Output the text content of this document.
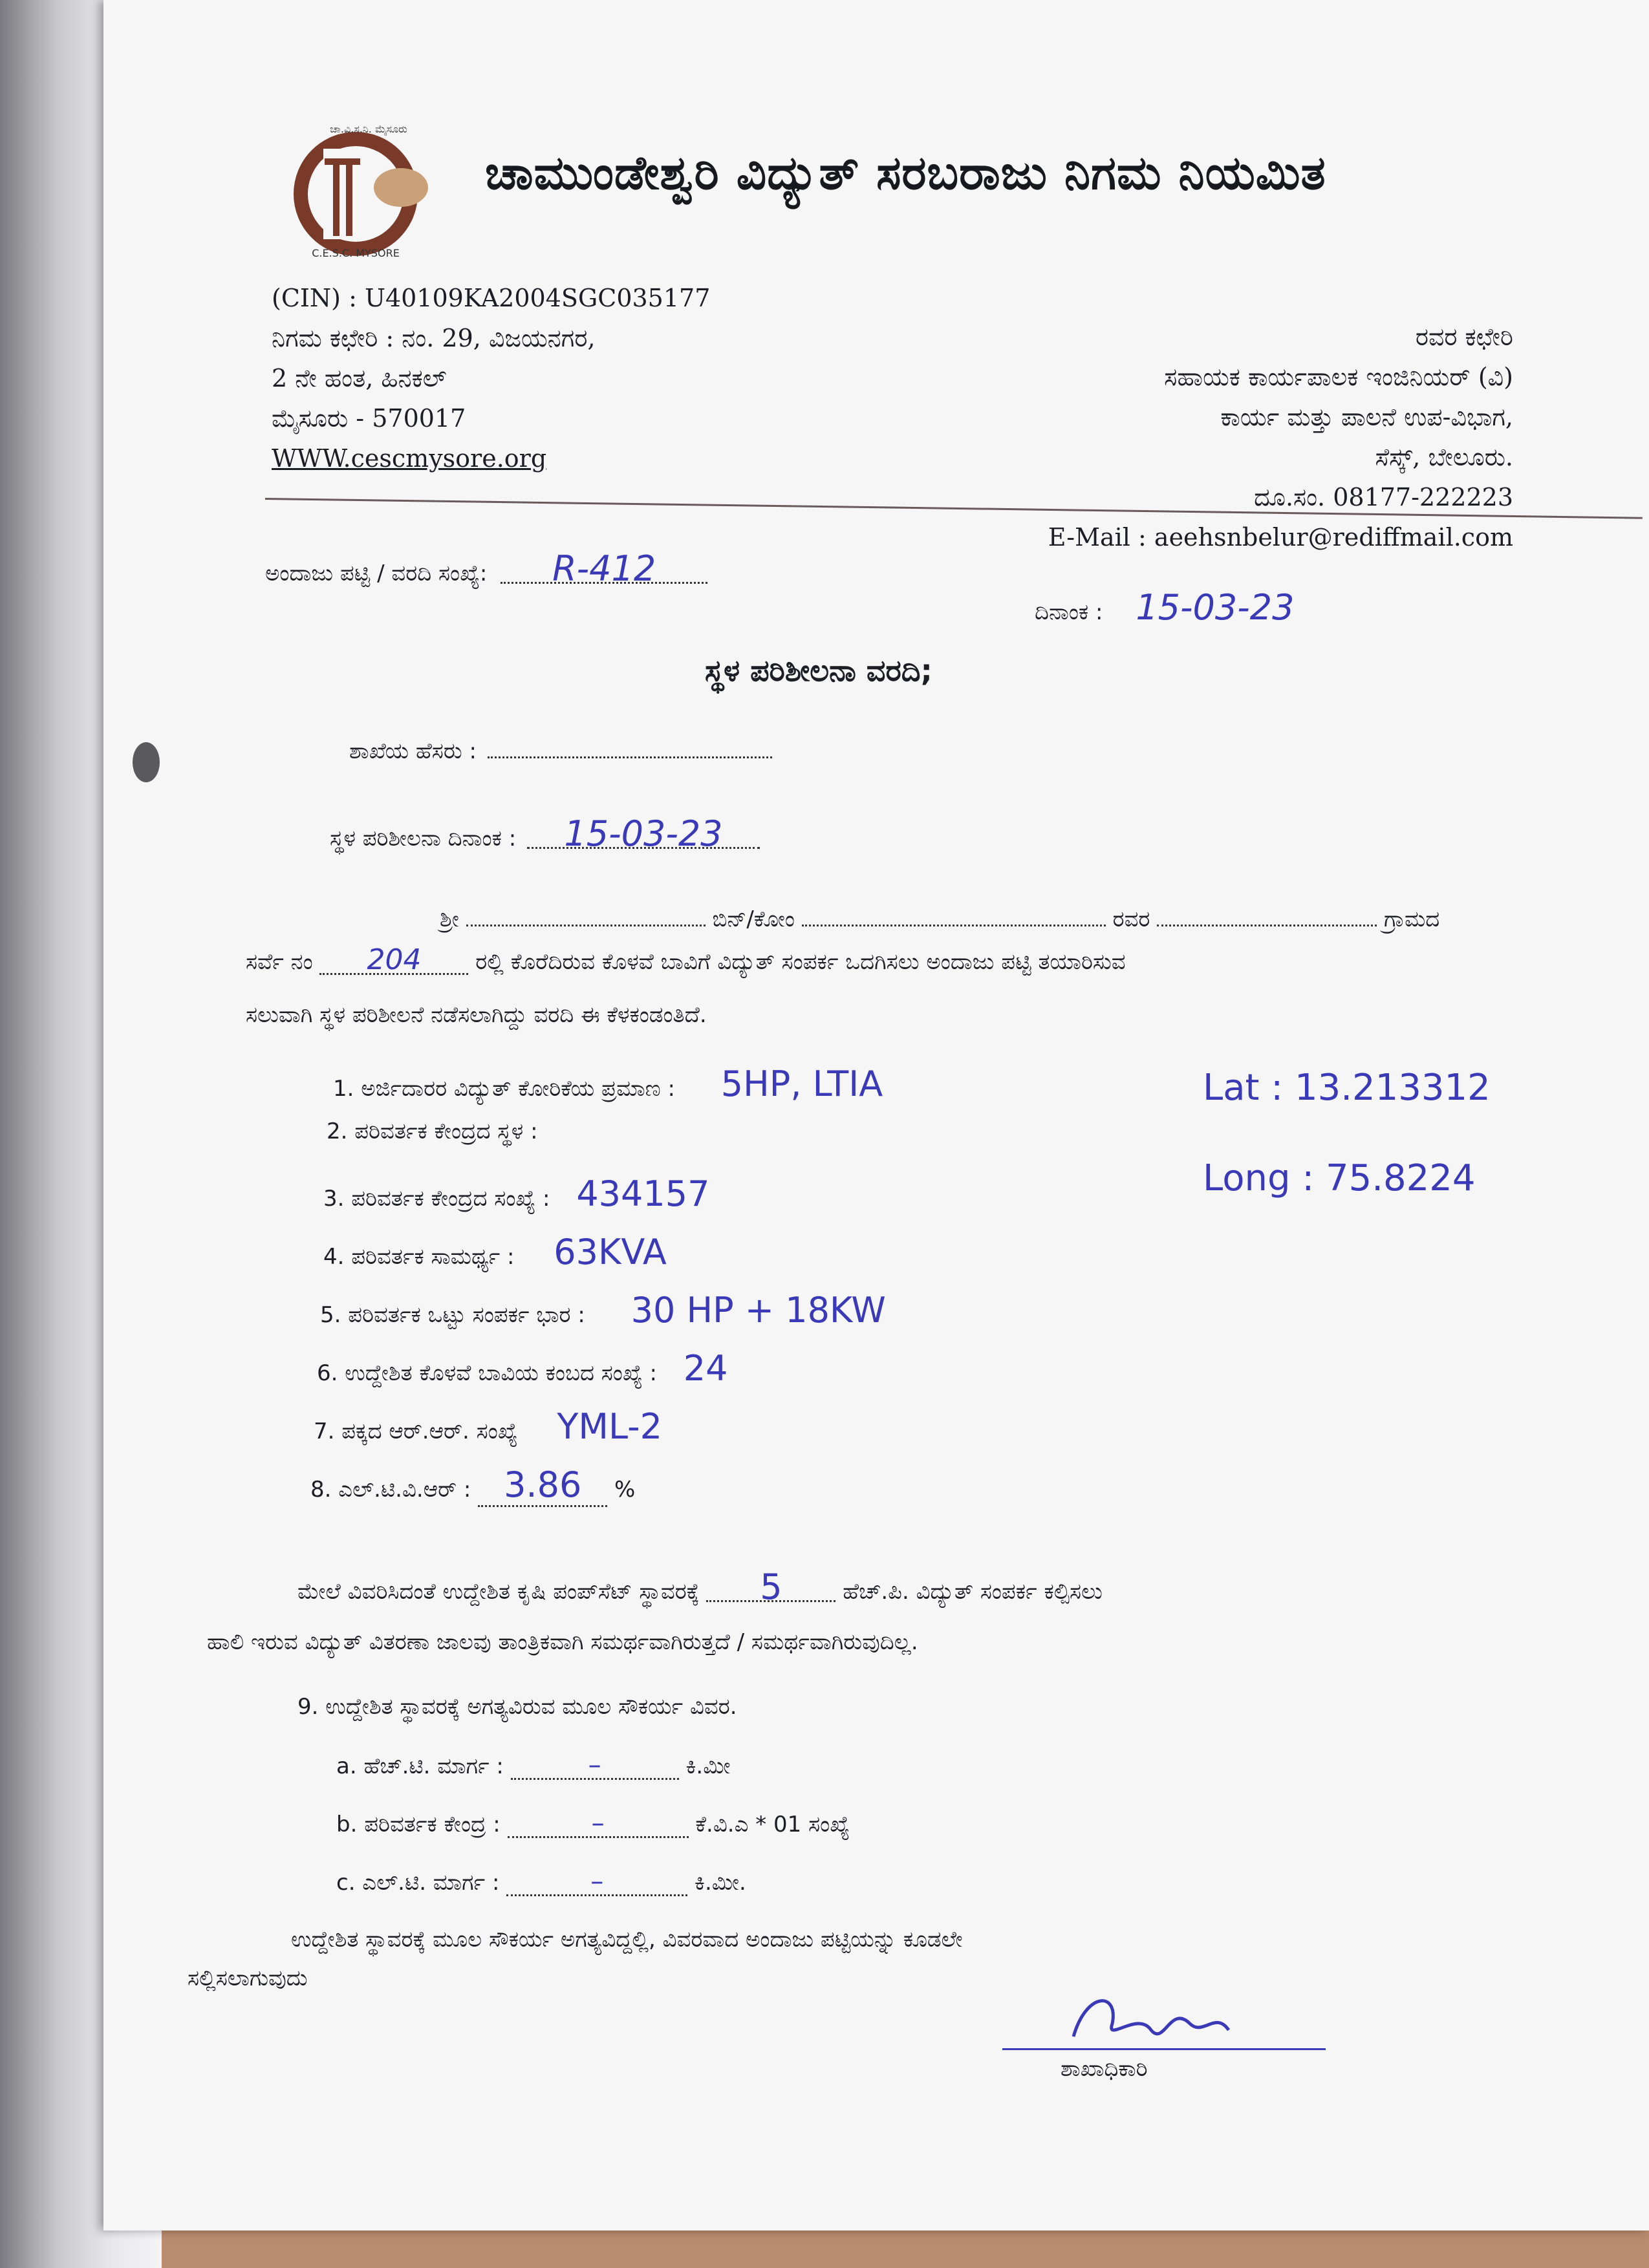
ಚಾ.ವಿ.ಸ.ನಿ. ಮೈಸೂರು
C.E.S.C. MYSORE
ಚಾಮುಂಡೇಶ್ವರಿ ವಿದ್ಯುತ್ ಸರಬರಾಜು ನಿಗಮ ನಿಯಮಿತ
(CIN) : U40109KA2004SGC035177
ನಿಗಮ ಕಛೇರಿ : ನಂ. 29, ವಿಜಯನಗರ,
2 ನೇ ಹಂತ, ಹಿನಕಲ್
ಮೈಸೂರು - 570017
WWW.cescmysore.org
ರವರ ಕಛೇರಿ
ಸಹಾಯಕ ಕಾರ್ಯಪಾಲಕ ಇಂಜಿನಿಯರ್ (ವಿ)
ಕಾರ್ಯ ಮತ್ತು ಪಾಲನೆ ಉಪ-ವಿಭಾಗ,
ಸೆಸ್ಕ್, ಬೇಲೂರು.
ದೂ.ಸಂ. 08177-222223
E-Mail : aeehsnbelur@rediffmail.com
ಅಂದಾಜು ಪಟ್ಟಿ / ವರದಿ ಸಂಖ್ಯೆ: R-412
ದಿನಾಂಕ : 15-03-23
ಸ್ಥಳ ಪರಿಶೀಲನಾ ವರದಿ;
ಶಾಖೆಯ ಹೆಸರು :
ಸ್ಥಳ ಪರಿಶೀಲನಾ ದಿನಾಂಕ : 15-03-23
ಶ್ರೀ	ಬಿನ್/ಕೋಂ	ರವರ	ಗ್ರಾಮದ
ಸರ್ವೆ ನಂ 204 ರಲ್ಲಿ ಕೊರೆದಿರುವ ಕೊಳವೆ ಬಾವಿಗೆ ವಿದ್ಯುತ್ ಸಂಪರ್ಕ ಒದಗಿಸಲು ಅಂದಾಜು ಪಟ್ಟಿ ತಯಾರಿಸುವ
ಸಲುವಾಗಿ ಸ್ಥಳ ಪರಿಶೀಲನೆ ನಡೆಸಲಾಗಿದ್ದು ವರದಿ ಈ ಕೆಳಕಂಡಂತಿದೆ.
1. ಅರ್ಜಿದಾರರ ವಿದ್ಯುತ್ ಕೋರಿಕೆಯ ಪ್ರಮಾಣ : 5HP, LTIA
2. ಪರಿವರ್ತಕ ಕೇಂದ್ರದ ಸ್ಥಳ :
3. ಪರಿವರ್ತಕ ಕೇಂದ್ರದ ಸಂಖ್ಯೆ : 434157
4. ಪರಿವರ್ತಕ ಸಾಮರ್ಥ್ಯ : 63KVA
5. ಪರಿವರ್ತಕ ಒಟ್ಟು ಸಂಪರ್ಕ ಭಾರ : 30 HP + 18KW
6. ಉದ್ದೇಶಿತ ಕೊಳವೆ ಬಾವಿಯ ಕಂಬದ ಸಂಖ್ಯೆ : 24
7. ಪಕ್ಕದ ಆರ್.ಆರ್. ಸಂಖ್ಯೆ YML-2
8. ಎಲ್.ಟಿ.ವಿ.ಆರ್ : 3.86 %
Lat : 13.213312
Long : 75.8224
ಮೇಲೆ ವಿವರಿಸಿದಂತೆ ಉದ್ದೇಶಿತ ಕೃಷಿ ಪಂಪ್‌ಸೆಟ್ ಸ್ಥಾವರಕ್ಕೆ 5	ಹೆಚ್.ಪಿ. ವಿದ್ಯುತ್ ಸಂಪರ್ಕ ಕಲ್ಪಿಸಲು
ಹಾಲಿ ಇರುವ ವಿದ್ಯುತ್ ವಿತರಣಾ ಜಾಲವು ತಾಂತ್ರಿಕವಾಗಿ ಸಮರ್ಥವಾಗಿರುತ್ತದೆ / ಸಮರ್ಥವಾಗಿರುವುದಿಲ್ಲ.
9. ಉದ್ದೇಶಿತ ಸ್ಥಾವರಕ್ಕೆ ಅಗತ್ಯವಿರುವ ಮೂಲ ಸೌಕರ್ಯ ವಿವರ.
a. ಹೆಚ್.ಟಿ. ಮಾರ್ಗ :	–	ಕಿ.ಮೀ
b. ಪರಿವರ್ತಕ ಕೇಂದ್ರ :	–	ಕೆ.ವಿ.ಎ * 01 ಸಂಖ್ಯೆ
c. ಎಲ್.ಟಿ. ಮಾರ್ಗ :	–	ಕಿ.ಮೀ.
ಉದ್ದೇಶಿತ ಸ್ಥಾವರಕ್ಕೆ ಮೂಲ ಸೌಕರ್ಯ ಅಗತ್ಯವಿದ್ದಲ್ಲಿ, ವಿವರವಾದ ಅಂದಾಜು ಪಟ್ಟಿಯನ್ನು ಕೂಡಲೇ
ಸಲ್ಲಿಸಲಾಗುವುದು
ಶಾಖಾಧಿಕಾರಿ
